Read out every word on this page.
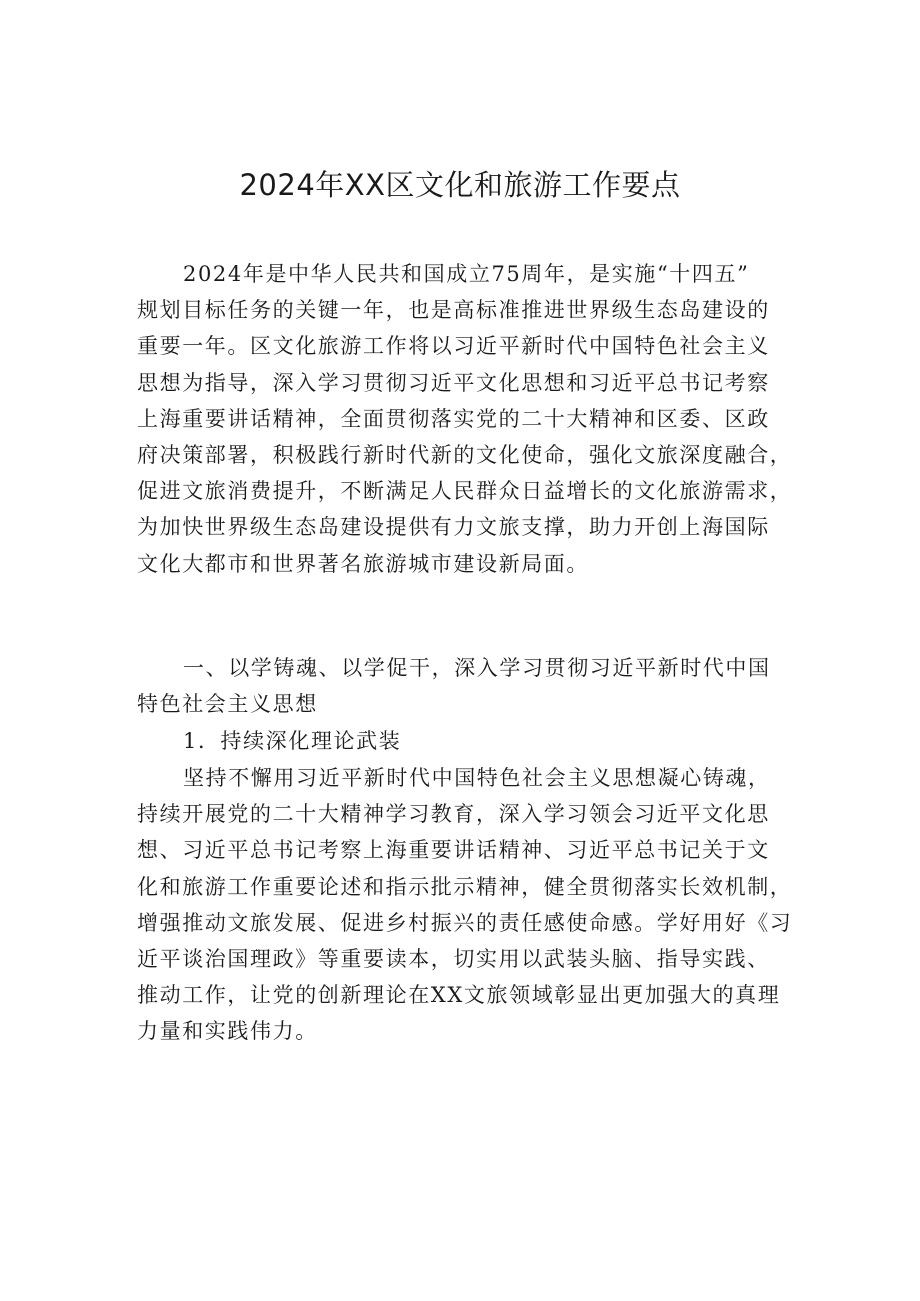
2024年XX区文化和旅游工作要点
2024年是中华人民共和国成立75周年，是实施“十四五”
规划目标任务的关键一年，也是高标准推进世界级生态岛建设的
重要一年。区文化旅游工作将以习近平新时代中国特色社会主义
思想为指导，深入学习贯彻习近平文化思想和习近平总书记考察
上海重要讲话精神，全面贯彻落实党的二十大精神和区委、区政
府决策部署，积极践行新时代新的文化使命，强化文旅深度融合，
促进文旅消费提升，不断满足人民群众日益增长的文化旅游需求，
为加快世界级生态岛建设提供有力文旅支撑，助力开创上海国际
文化大都市和世界著名旅游城市建设新局面。
一、以学铸魂、以学促干，深入学习贯彻习近平新时代中国
特色社会主义思想
1．持续深化理论武装
坚持不懈用习近平新时代中国特色社会主义思想凝心铸魂，
持续开展党的二十大精神学习教育，深入学习领会习近平文化思
想、习近平总书记考察上海重要讲话精神、习近平总书记关于文
化和旅游工作重要论述和指示批示精神，健全贯彻落实长效机制，
增强推动文旅发展、促进乡村振兴的责任感使命感。学好用好《习
近平谈治国理政》等重要读本，切实用以武装头脑、指导实践、
推动工作，让党的创新理论在XX文旅领域彰显出更加强大的真理
力量和实践伟力。
